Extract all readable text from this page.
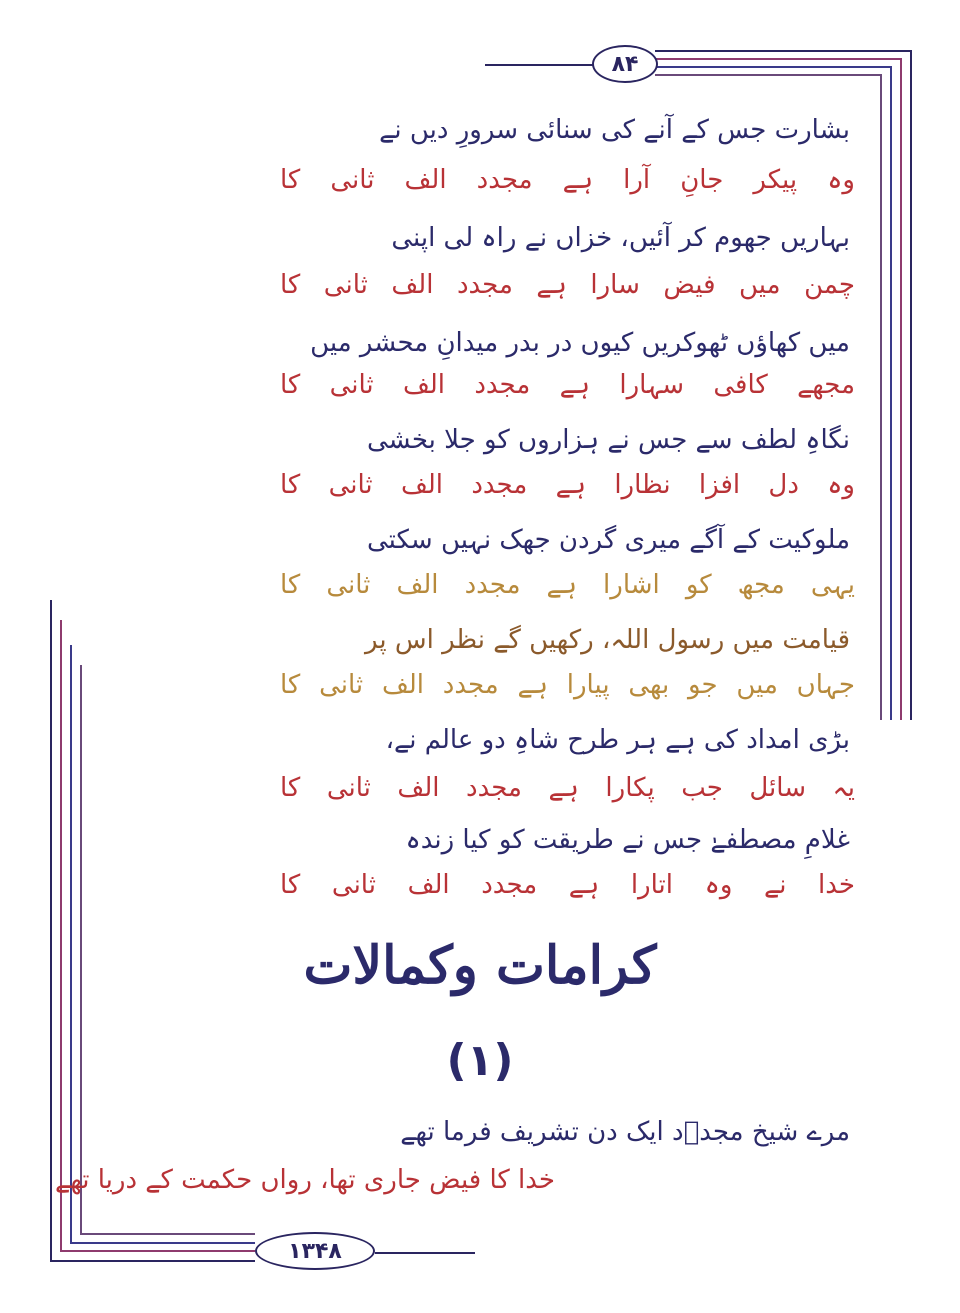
۸۴
۱۳۴۸
بشارت جس کے آنے کی سنائی سرورِ دیں نے
وہ پیکر جانِ آرا ہے مجدد الف ثانی کا
بہاریں جھوم کر آئیں، خزاں نے راہ لی اپنی
چمن میں فیض سارا ہے مجدد الف ثانی کا
میں کھاؤں ٹھوکریں کیوں در بدر میدانِ محشر میں
مجھے کافی سہارا ہے مجدد الف ثانی کا
نگاہِ لطف سے جس نے ہزاروں کو جلا بخشی
وہ دل افزا نظارا ہے مجدد الف ثانی کا
ملوکیت کے آگے میری گردن جھک نہیں سکتی
یہی مجھ کو اشارا ہے مجدد الف ثانی کا
قیامت میں رسول اللہ، رکھیں گے نظر اس پر
جہاں میں جو بھی پیارا ہے مجدد الف ثانی کا
بڑی امداد کی ہے ہر طرح شاہِ دو عالم نے،
یہ سائل جب پکارا ہے مجدد الف ثانی کا
غلامِ مصطفےٰ جس نے طریقت کو کیا زندہ
خدا نے وہ اتارا ہے مجدد الف ثانی کا
کرامات وکمالات
(۱)
مرے شیخ مجدؔد ایک دن تشریف فرما تھے
خدا کا فیض جاری تھا، رواں حکمت کے دریا تھے
